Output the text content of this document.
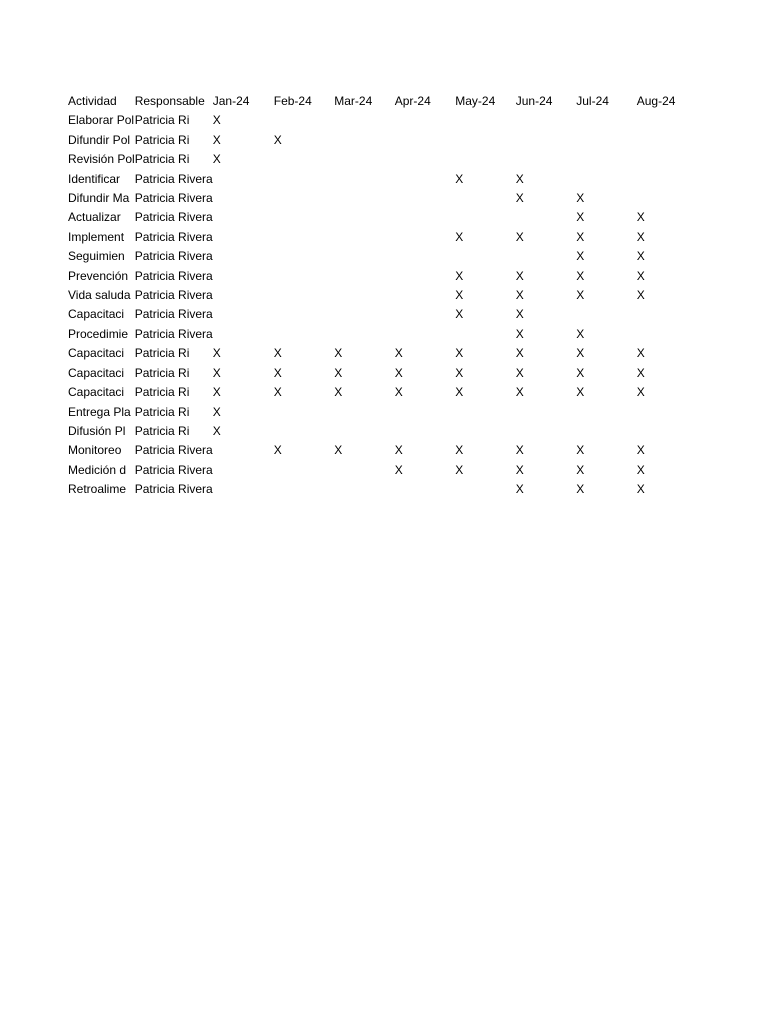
Actividad	Responsable	Jan-24	Feb-24	Mar-24	Apr-24	May-24	Jun-24	Jul-24	Aug-24
Elaborar Pol	Patricia Ri	X							
Difundir Pol	Patricia Ri	X	X						
Revisión Pol	Patricia Ri	X							
Identificar	Patricia Rivera					X	X		
Difundir Ma	Patricia Rivera						X	X	
Actualizar	Patricia Rivera							X	X
Implement	Patricia Rivera					X	X	X	X
Seguimien	Patricia Rivera							X	X
Prevención	Patricia Rivera					X	X	X	X
Vida saluda	Patricia Rivera					X	X	X	X
Capacitaci	Patricia Rivera					X	X		
Procedimie	Patricia Rivera						X	X	
Capacitaci	Patricia Ri	X	X	X	X	X	X	X	X
Capacitaci	Patricia Ri	X	X	X	X	X	X	X	X
Capacitaci	Patricia Ri	X	X	X	X	X	X	X	X
Entrega Pla	Patricia Ri	X							
Difusión Pl	Patricia Ri	X							
Monitoreo	Patricia Rivera		X	X	X	X	X	X	X
Medición d	Patricia Rivera				X	X	X	X	X
Retroalime	Patricia Rivera						X	X	X
